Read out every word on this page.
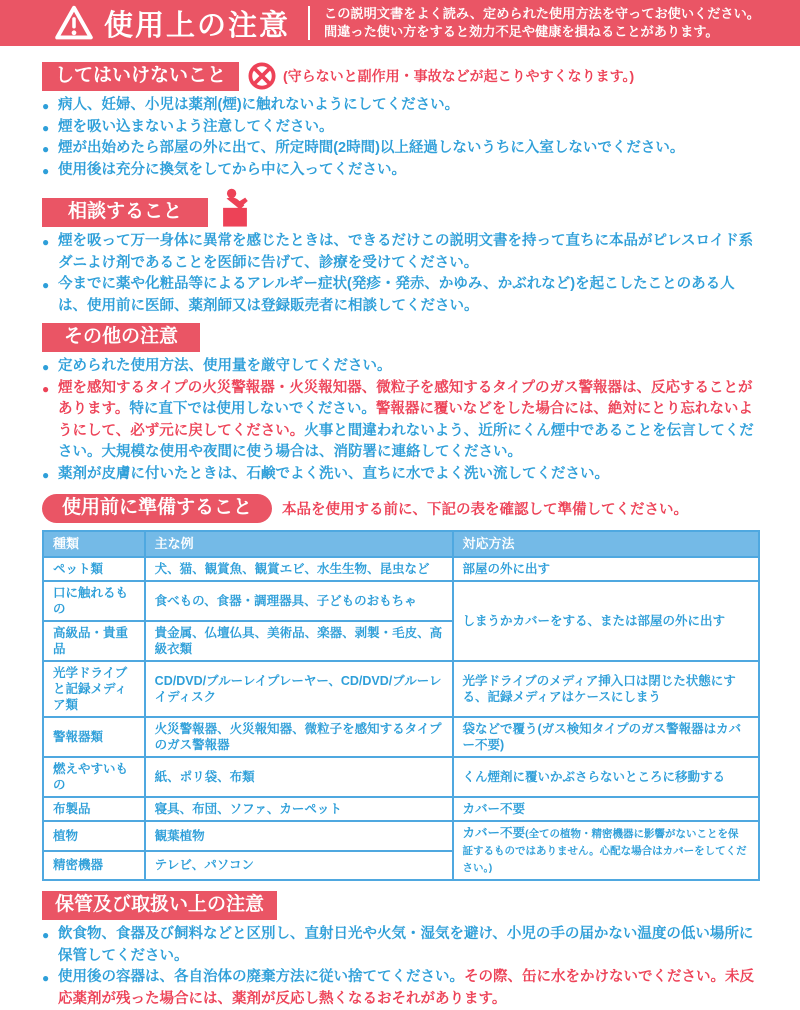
使用上の注意	この説明文書をよく読み、定められた使用方法を守ってお使いください。
間違った使い方をすると効力不足や健康を損ねることがあります。
してはいけないこと	(守らないと副作用・事故などが起こりやすくなります。)
● 病人、妊婦、小児は薬剤(煙)に触れないようにしてください。
● 煙を吸い込まないよう注意してください。
● 煙が出始めたら部屋の外に出て、所定時間(2時間)以上経過しないうちに入室しないでください。
● 使用後は充分に換気をしてから中に入ってください。
相談すること
● 煙を吸って万一身体に異常を感じたときは、できるだけこの説明文書を持って直ちに本品がピレスロイド系ダニよけ剤であることを医師に告げて、診療を受けてください。
● 今までに薬や化粧品等によるアレルギー症状(発疹・発赤、かゆみ、かぶれなど)を起こしたことのある人は、使用前に医師、薬剤師又は登録販売者に相談してください。
その他の注意
● 定められた使用方法、使用量を厳守してください。
● 煙を感知するタイプの火災警報器・火災報知器、微粒子を感知するタイプのガス警報器は、反応することがあります。特に直下では使用しないでください。警報器に覆いなどをした場合には、絶対にとり忘れないようにして、必ず元に戻してください。火事と間違われないよう、近所にくん煙中であることを伝言してください。大規模な使用や夜間に使う場合は、消防署に連絡してください。
● 薬剤が皮膚に付いたときは、石鹸でよく洗い、直ちに水でよく洗い流してください。
使用前に準備すること	本品を使用する前に、下記の表を確認して準備してください。
種類	主な例	対応方法
ペット類	犬、猫、観賞魚、観賞エビ、水生生物、昆虫など	部屋の外に出す
口に触れるもの	食べもの、食器・調理器具、子どものおもちゃ	しまうかカバーをする、または部屋の外に出す
高級品・貴重品	貴金属、仏壇仏具、美術品、楽器、剥製・毛皮、高級衣類	
光学ドライブと記録メディア類	CD/DVD/ブルーレイプレーヤー、CD/DVD/ブルーレイディスク	光学ドライブのメディア挿入口は閉じた状態にする、記録メディアはケースにしまう
警報器類	火災警報器、火災報知器、微粒子を感知するタイプのガス警報器	袋などで覆う(ガス検知タイプのガス警報器はカバー不要)
燃えやすいもの	紙、ポリ袋、布類	くん煙剤に覆いかぶさらないところに移動する
布製品	寝具、布団、ソファ、カーペット	カバー不要
植物	観葉植物	カバー不要(全ての植物・精密機器に影響がないことを保証するものではありません。心配な場合はカバーをしてください。)
精密機器	テレビ、パソコン	
保管及び取扱い上の注意
● 飲食物、食器及び飼料などと区別し、直射日光や火気・湿気を避け、小児の手の届かない温度の低い場所に保管してください。
● 使用後の容器は、各自治体の廃棄方法に従い捨ててください。その際、缶に水をかけないでください。未反応薬剤が残った場合には、薬剤が反応し熱くなるおそれがあります。
